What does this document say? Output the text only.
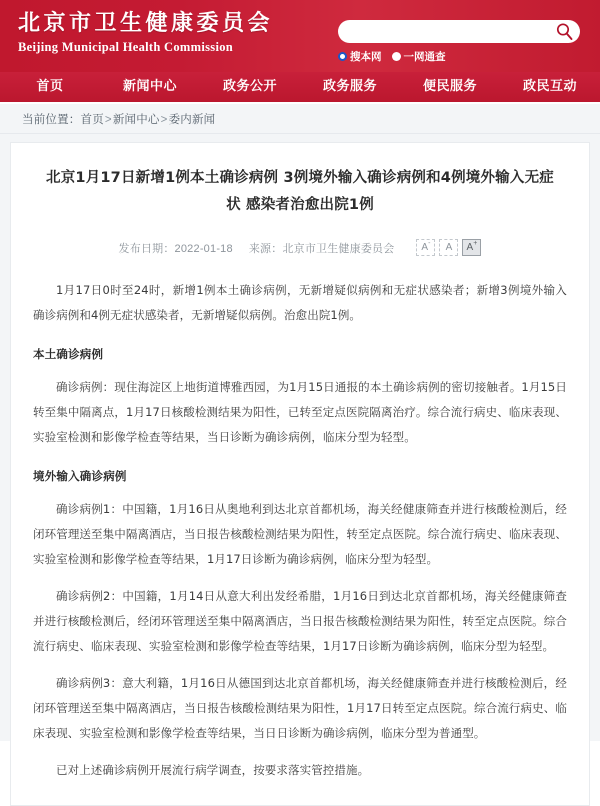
北京市卫生健康委员会
Beijing Municipal Health Commission
搜本网 一网通查
首页	新闻中心	政务公开	政务服务	便民服务	政民互动
当前位置：首页>新闻中心>委内新闻
北京1月17日新增1例本土确诊病例 3例境外输入确诊病例和4例境外输入无症状 感染者治愈出院1例
发布日期：2022-01-18 来源：北京市卫生健康委员会	A-	A	A+

1月17日0时至24时，新增1例本土确诊病例，无新增疑似病例和无症状感染者；新增3例境外输入确诊病例和4例无症状感染者，无新增疑似病例。治愈出院1例。

本土确诊病例

确诊病例：现住海淀区上地街道博雅西园，为1月15日通报的本土确诊病例的密切接触者。1月15日转至集中隔离点，1月17日核酸检测结果为阳性，已转至定点医院隔离治疗。综合流行病史、临床表现、实验室检测和影像学检查等结果，当日诊断为确诊病例，临床分型为轻型。

境外输入确诊病例

确诊病例1：中国籍，1月16日从奥地利到达北京首都机场，海关经健康筛查并进行核酸检测后，经闭环管理送至集中隔离酒店，当日报告核酸检测结果为阳性，转至定点医院。综合流行病史、临床表现、实验室检测和影像学检查等结果，1月17日诊断为确诊病例，临床分型为轻型。

确诊病例2：中国籍，1月14日从意大利出发经希腊，1月16日到达北京首都机场，海关经健康筛查并进行核酸检测后，经闭环管理送至集中隔离酒店，当日报告核酸检测结果为阳性，转至定点医院。综合流行病史、临床表现、实验室检测和影像学检查等结果，1月17日诊断为确诊病例，临床分型为轻型。

确诊病例3：意大利籍，1月16日从德国到达北京首都机场，海关经健康筛查并进行核酸检测后，经闭环管理送至集中隔离酒店，当日报告核酸检测结果为阳性，1月17日转至定点医院。综合流行病史、临床表现、实验室检测和影像学检查等结果，当日日诊断为确诊病例，临床分型为普通型。

已对上述确诊病例开展流行病学调查，按要求落实管控措施。
